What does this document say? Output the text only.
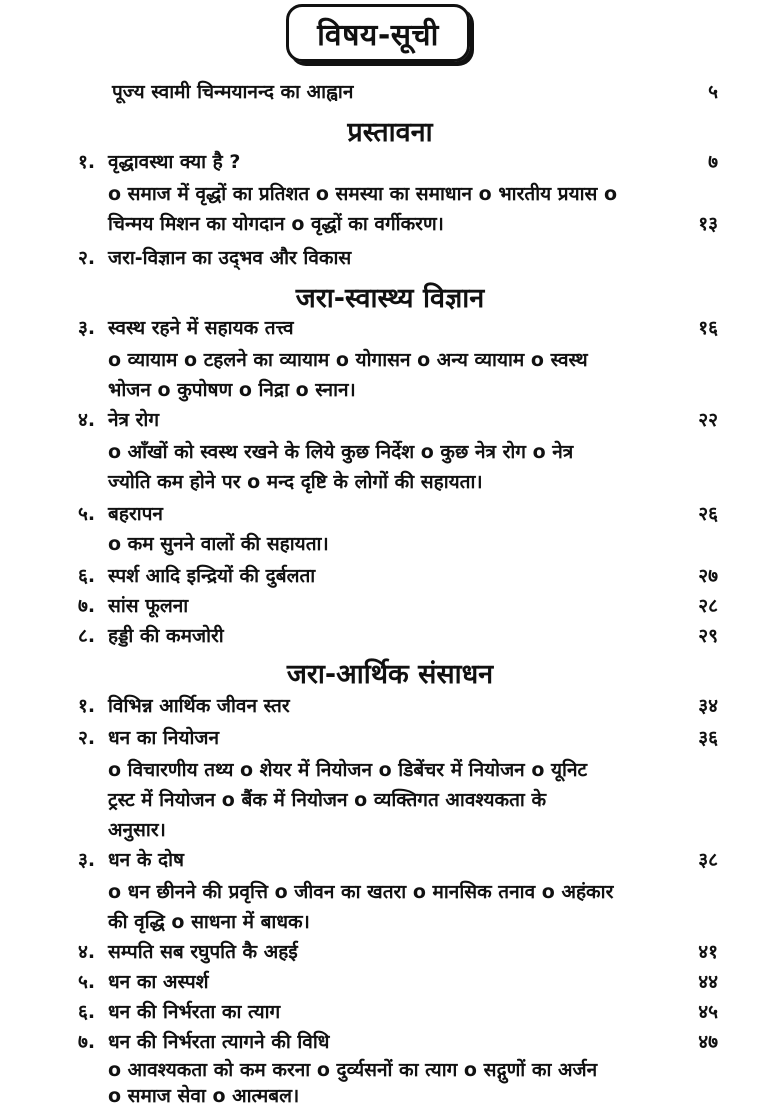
विषय-सूची
पूज्य स्वामी चिन्मयानन्द का आह्वान	५
प्रस्तावना
१. वृद्धावस्था क्या है ?	७
o समाज में वृद्धों का प्रतिशत o समस्या का समाधान o भारतीय प्रयास o
चिन्मय मिशन का योगदान o वृद्धों का वर्गीकरण।	१३
२. जरा-विज्ञान का उद्‌भव और विकास
जरा-स्वास्थ्य विज्ञान
३. स्वस्थ रहने में सहायक तत्त्व	१६
o व्यायाम o टहलने का व्यायाम o योगासन o अन्य व्यायाम o स्वस्थ
भोजन o कुपोषण o निद्रा o स्नान।
४. नेत्र रोग	२२
o आँखों को स्वस्थ रखने के लिये कुछ निर्देश o कुछ नेत्र रोग o नेत्र
ज्योति कम होने पर o मन्द दृष्टि के लोगों की सहायता।
५. बहरापन	२६
o कम सुनने वालों की सहायता।
६. स्पर्श आदि इन्द्रियों की दुर्बलता	२७
७. सांस फूलना	२८
८. हड्डी की कमजोरी	२९
जरा-आर्थिक संसाधन
१. विभिन्न आर्थिक जीवन स्तर	३४
२. धन का नियोजन	३६
o विचारणीय तथ्य o शेयर में नियोजन o डिबेंचर में नियोजन o यूनिट
ट्रस्ट में नियोजन o बैंक में नियोजन o व्यक्तिगत आवश्यकता के
अनुसार।
३. धन के दोष	३८
o धन छीनने की प्रवृत्ति o जीवन का खतरा o मानसिक तनाव o अहंकार
की वृद्धि o साधना में बाधक।
४. सम्पति सब रघुपति कै अहई	४१
५. धन का अस्पर्श	४४
६. धन की निर्भरता का त्याग	४५
७. धन की निर्भरता त्यागने की विधि	४७
o आवश्यकता को कम करना o दुर्व्यसनों का त्याग o सद्गुणों का अर्जन
o समाज सेवा o आत्मबल।
